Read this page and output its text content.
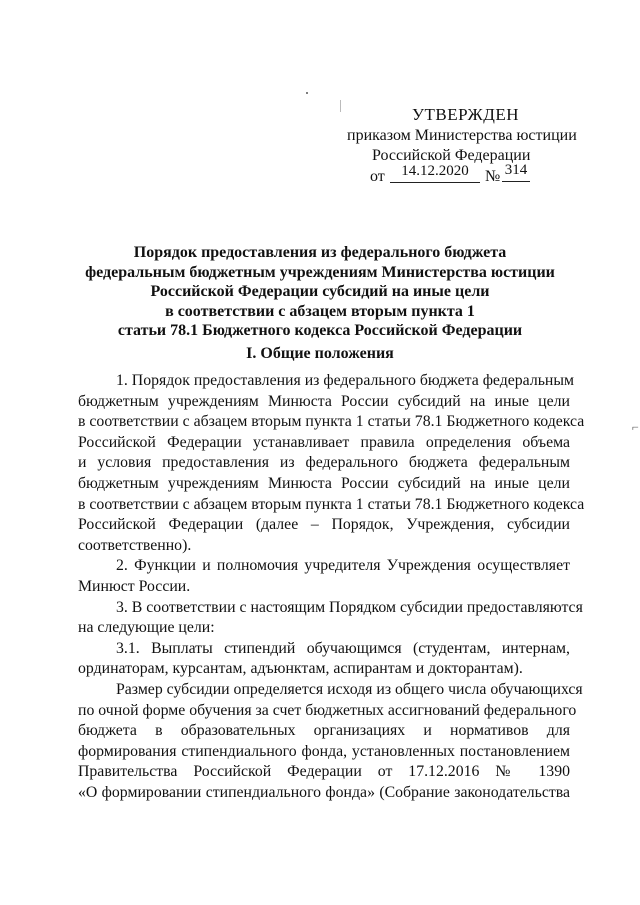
⌐
УТВЕРЖДЕН
приказом Министерства юстиции
Российской Федерации
от	14.12.2020	№ 314
Порядок предоставления из федерального бюджета
федеральным бюджетным учреждениям Министерства юстиции
Российской Федерации субсидий на иные цели
в соответствии с абзацем вторым пункта 1
статьи 78.1 Бюджетного кодекса Российской Федерации
I. Общие положения
1. Порядок предоставления из федерального бюджета федеральным
бюджетным учреждениям Минюста России субсидий на иные цели
в соответствии с абзацем вторым пункта 1 статьи 78.1 Бюджетного кодекса
Российской Федерации устанавливает правила определения объема
и условия предоставления из федерального бюджета федеральным
бюджетным учреждениям Минюста России субсидий на иные цели
в соответствии с абзацем вторым пункта 1 статьи 78.1 Бюджетного кодекса
Российской Федерации (далее – Порядок, Учреждения, субсидии
соответственно).
2. Функции и полномочия учредителя Учреждения осуществляет
Минюст России.
3. В соответствии с настоящим Порядком субсидии предоставляются
на следующие цели:
3.1. Выплаты стипендий обучающимся (студентам, интернам,
ординаторам, курсантам, адъюнктам, аспирантам и докторантам).
Размер субсидии определяется исходя из общего числа обучающихся
по очной форме обучения за счет бюджетных ассигнований федерального
бюджета в образовательных организациях и нормативов для
формирования стипендиального фонда, установленных постановлением
Правительства Российской Федерации от 17.12.2016 № 1390
«О формировании стипендиального фонда» (Собрание законодательства
